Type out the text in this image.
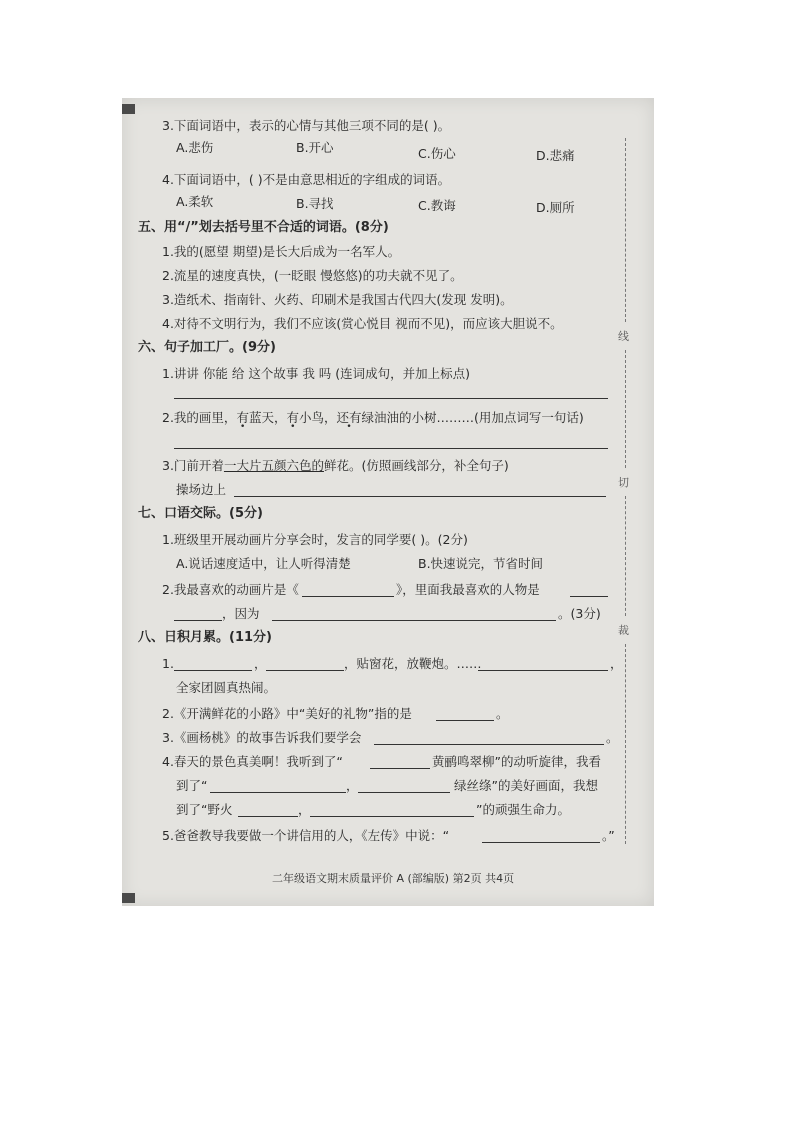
3.下面词语中，表示的心情与其他三项不同的是( )。
A.悲伤	B.开心	C.伤心	D.悲痛
4.下面词语中，( )不是由意思相近的字组成的词语。
A.柔软	B.寻找	C.教诲	D.厕所
五、用“/”划去括号里不合适的词语。(8分)
1.我的(愿望 期望)是长大后成为一名军人。
2.流星的速度真快，(一眨眼 慢悠悠)的功夫就不见了。
3.造纸术、指南针、火药、印刷术是我国古代四大(发现 发明)。
4.对待不文明行为，我们不应该(赏心悦目 视而不见)，而应该大胆说不。
六、句子加工厂。(9分)
1.讲讲 你能 给 这个故事 我 吗 (连词成句，并加上标点)
2.我的画里，有蓝天，有小鸟，还有绿油油的小树………(用加点词写一句话)
3.门前开着一大片五颜六色的鲜花。(仿照画线部分，补全句子)
操场边上
七、口语交际。(5分)
1.班级里开展动画片分享会时，发言的同学要( )。(2分)
A.说话速度适中，让人听得清楚	B.快速说完，节省时间
2.我最喜欢的动画片是《	》，里面我最喜欢的人物是
，因为	。(3分)
八、日积月累。(11分)
1.	，	，贴窗花，放鞭炮。……	，
全家团圆真热闹。
2.《开满鲜花的小路》中“美好的礼物”指的是	。
3.《画杨桃》的故事告诉我们要学会	。
4.春天的景色真美啊！我听到了“	黄鹂鸣翠柳”的动听旋律，我看
到了“	，	绿丝绦”的美好画面，我想
到了“野火	，	”的顽强生命力。
5.爸爸教导我要做一个讲信用的人，《左传》中说：“	。”
线
切
裁
二年级语文期末质量评价 A (部编版) 第2页 共4页
